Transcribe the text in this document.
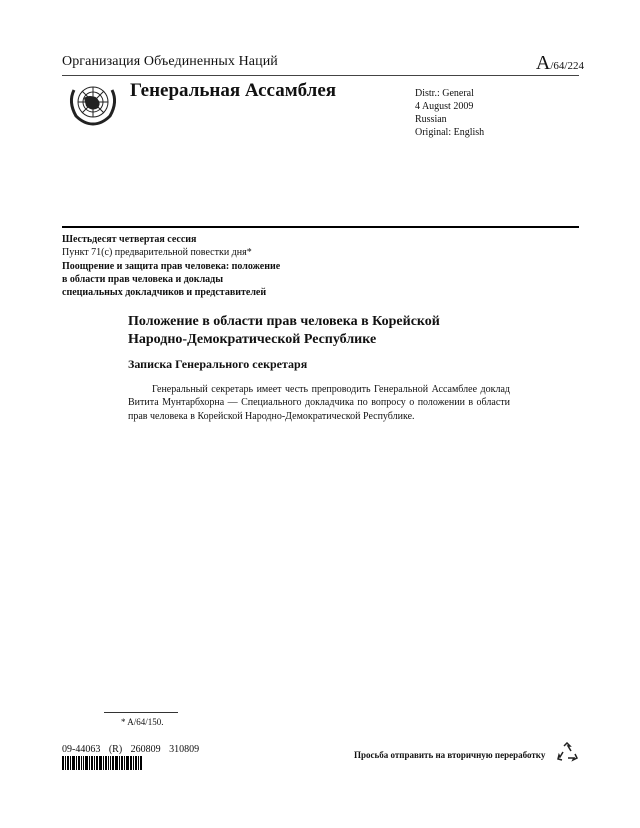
Организация Объединенных Наций	A/64/224
Генеральная Ассамблея	Distr.: General
4 August 2009
Russian
Original: English
Шестьдесят четвертая сессия
Пункт 71(c) предварительной повестки дня*
Поощрение и защита прав человека: положение
в области прав человека и доклады
специальных докладчиков и представителей
Положение в области прав человека в Корейской
Народно-Демократической Республике
Записка Генерального секретаря
Генеральный секретарь имеет честь препроводить Генеральной Ассамблее доклад Витита Мунтарбхорна — Специального докладчика по вопросу о положении в области прав человека в Корейской Народно-Демократической Республике.
* A/64/150.
09-44063 (R) 260809 310809	Просьба отправить на вторичную переработку
